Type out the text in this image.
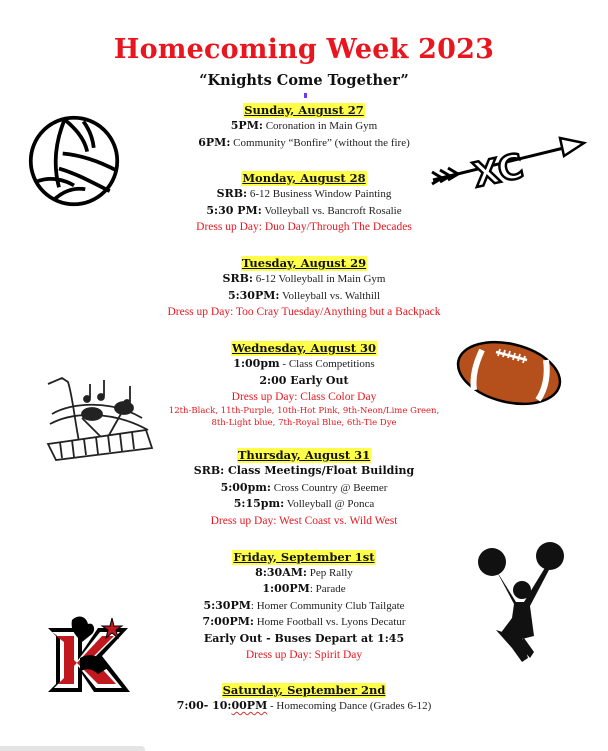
Homecoming Week 2023
“Knights Come Together”
Sunday, August 27
5PM: Coronation in Main Gym
6PM: Community “Bonfire” (without the fire)
Monday, August 28
SRB: 6-12 Business Window Painting
5:30 PM: Volleyball vs. Bancroft Rosalie
Dress up Day: Duo Day/Through The Decades
Tuesday, August 29
SRB: 6-12 Volleyball in Main Gym
5:30PM: Volleyball vs. Walthill
Dress up Day: Too Cray Tuesday/Anything but a Backpack
Wednesday, August 30
1:00pm - Class Competitions
2:00 Early Out
Dress up Day: Class Color Day
12th-Black, 11th-Purple, 10th-Hot Pink, 9th-Neon/Lime Green,
8th-Light blue, 7th-Royal Blue, 6th-Tie Dye
Thursday, August 31
SRB: Class Meetings/Float Building
5:00pm: Cross Country @ Beemer
5:15pm: Volleyball @ Ponca
Dress up Day: West Coast vs. Wild West
Friday, September 1st
8:30AM: Pep Rally
1:00PM: Parade
5:30PM: Homer Community Club Tailgate
7:00PM: Home Football vs. Lyons Decatur
Early Out - Buses Depart at 1:45
Dress up Day: Spirit Day
Saturday, September 2nd
7:00- 10:00PM - Homecoming Dance (Grades 6-12)
XC
